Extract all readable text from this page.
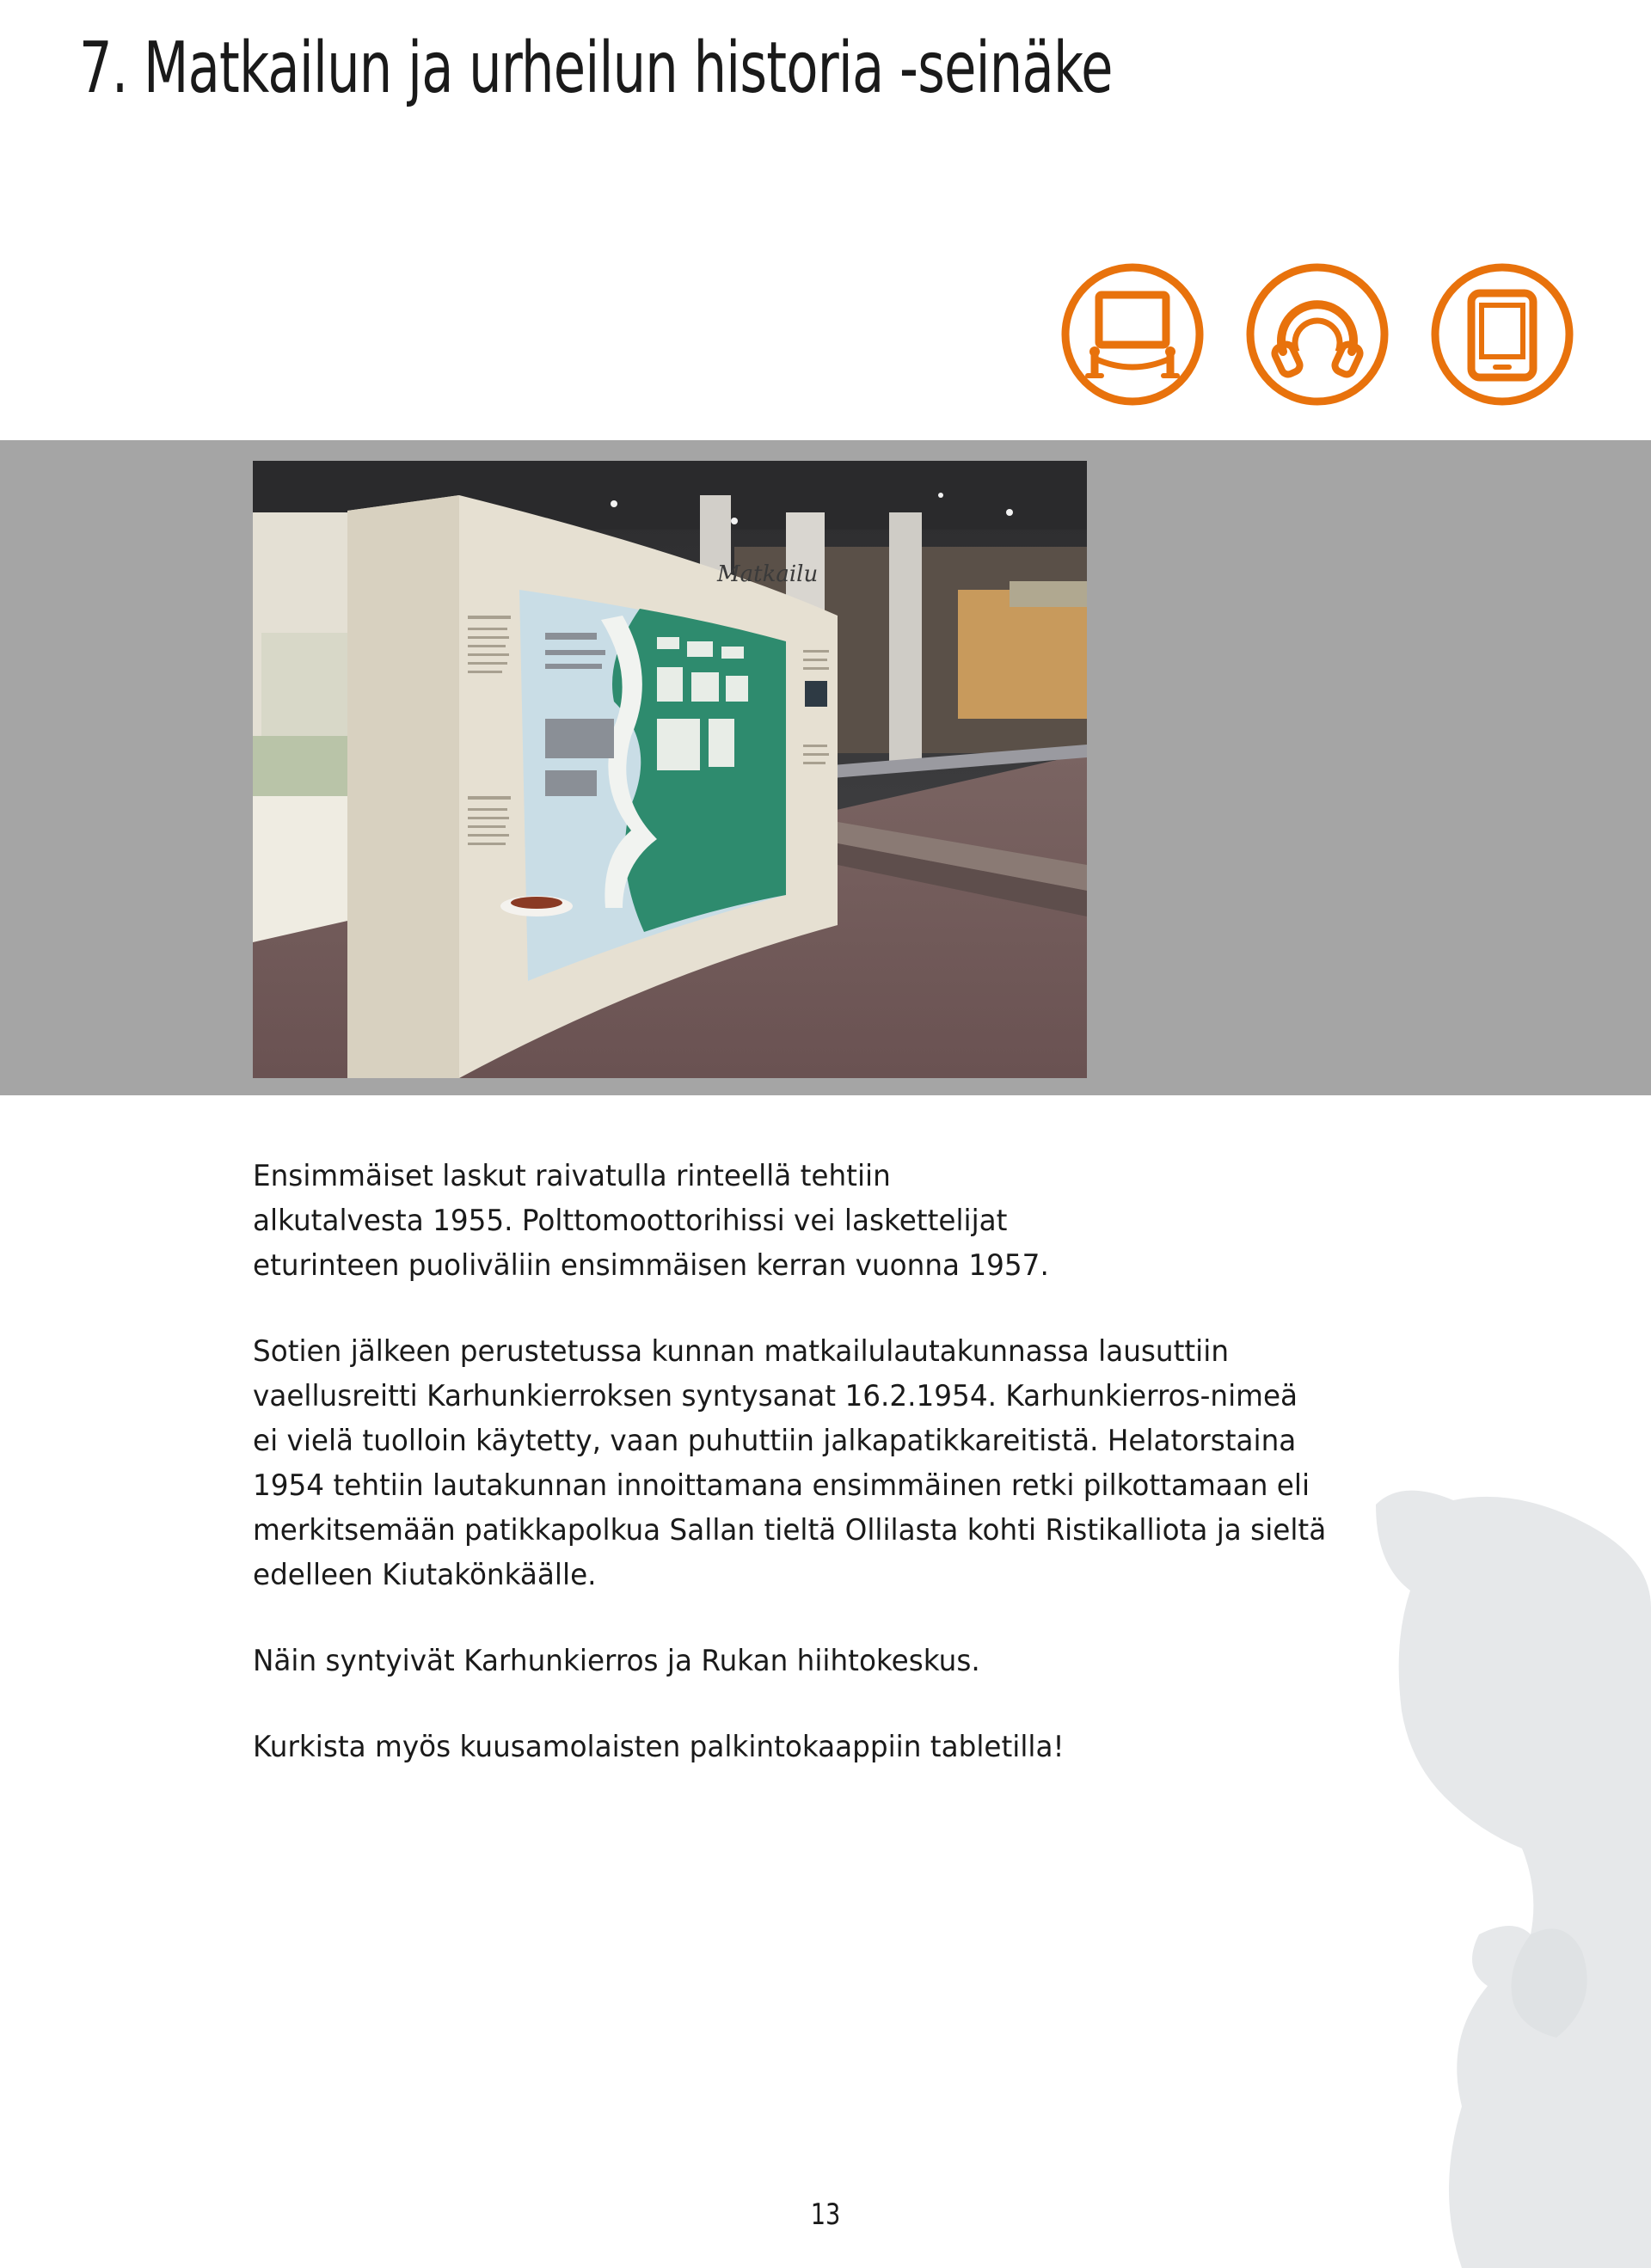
7. Matkailun ja urheilun historia -seinäke
Matkailu

Ensimmäiset laskut raivatulla rinteellä tehtiin
alkutalvesta 1955. Polttomoottorihissi vei laskettelijat
eturinteen puoliväliin ensimmäisen kerran vuonna 1957.

Sotien jälkeen perustetussa kunnan matkailulautakunnassa lausuttiin
vaellusreitti Karhunkierroksen syntysanat 16.2.1954. Karhunkierros-nimeä
ei vielä tuolloin käytetty, vaan puhuttiin jalkapatikkareitistä. Helatorstaina
1954 tehtiin lautakunnan innoittamana ensimmäinen retki pilkottamaan eli
merkitsemään patikkapolkua Sallan tieltä Ollilasta kohti Ristikalliota ja sieltä
edelleen Kiutakönkäälle.

Näin syntyivät Karhunkierros ja Rukan hiihtokeskus.

Kurkista myös kuusamolaisten palkintokaappiin tabletilla!

13
